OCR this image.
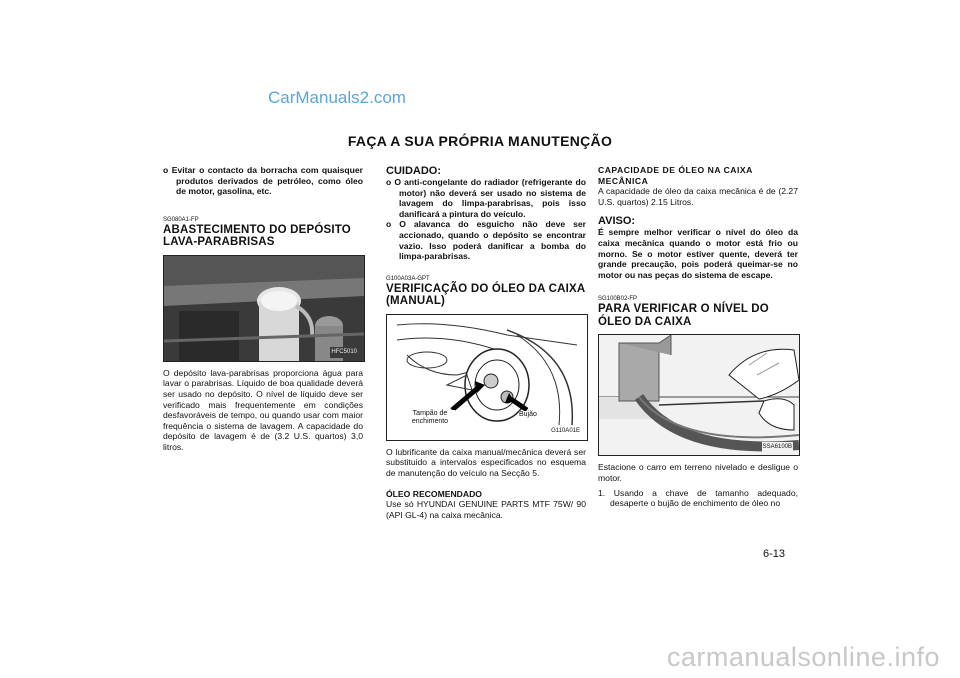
CarManuals2.com
FAÇA A SUA PRÓPRIA MANUTENÇÃO

o Evitar o contacto da borracha com quaisquer produtos derivados de petróleo, como óleo de motor, gasolina, etc.

SG080A1-FP

ABASTECIMENTO DO DEPÓSITO LAVA-PARABRISAS

HFC5010

O depósito lava-parabrisas proporciona água para lavar o parabrisas. Líquido de boa qualidade deverá ser usado no depósito. O nível de líquido deve ser verificado mais frequentemente em condições desfavoráveis de tempo, ou quando usar com maior frequência o sistema de lavagem. A capacidade do depósito de lavagem é de (3.2 U.S. quartos) 3,0 litros.

CUIDADO:

o O anti-congelante do radiador (refrigerante do motor) não deverá ser usado no sistema de lavagem do limpa-parabrisas, pois isso danificará a pintura do veículo.

o O alavanca do esguicho não deve ser accionado, quando o depósito se encontrar vazio. Isso poderá danificar a bomba do limpa-parabrisas.

G100A03A-GPT

VERIFICAÇÃO DO ÓLEO DA CAIXA (MANUAL)

Tampão de enchimento
Bujão
G110A01E

O lubrificante da caixa manual/mecânica deverá ser substituido a intervalos especificados no esquema de manutenção do veículo na Secção 5.

ÓLEO RECOMENDADO

Use só HYUNDAI GENUINE PARTS MTF 75W/ 90 (API GL-4) na caixa mecânica.

CAPACIDADE DE ÓLEO NA CAIXA MECÂNICA

A capacidade de óleo da caixa mecânica é de (2.27 U.S. quartos) 2.15 Litros.

AVISO:

É sempre melhor verificar o nível do óleo da caixa mecânica quando o motor está frio ou morno. Se o motor estiver quente, deverá ter grande precaução, pois poderá queimar-se no motor ou nas peças do sistema de escape.

SG100B02-FP

PARA VERIFICAR O NÍVEL DO ÓLEO DA CAIXA

SSA6100B

Estacione o carro em terreno nivelado e desligue o motor.

1. Usando a chave de tamanho adequado, desaperte o bujão de enchimento de óleo no

6-13
carmanualsonline.info
